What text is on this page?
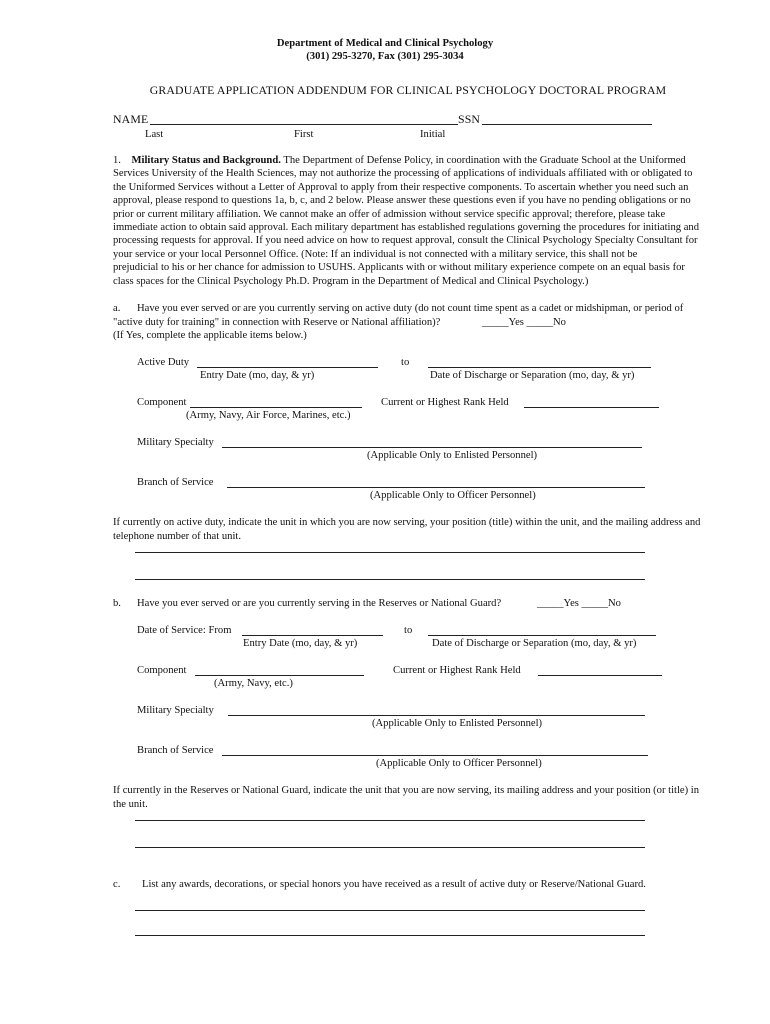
Department of Medical and Clinical Psychology
(301) 295-3270, Fax (301) 295-3034
GRADUATE APPLICATION ADDENDUM FOR CLINICAL PSYCHOLOGY DOCTORAL PROGRAM
NAME	SSN
Last	First	Initial
1. Military Status and Background. The Department of Defense Policy, in coordination with the Graduate School at the Uniformed
Services University of the Health Sciences, may not authorize the processing of applications of individuals affiliated with or obligated to
the Uniformed Services without a Letter of Approval to apply from their respective components. To ascertain whether you need such an
approval, please respond to questions 1a, b, c, and 2 below. Please answer these questions even if you have no pending obligations or no
prior or current military affiliation. We cannot make an offer of admission without service specific approval; therefore, please take
immediate action to obtain said approval. Each military department has established regulations governing the procedures for initiating and
processing requests for approval. If you need advice on how to request approval, consult the Clinical Psychology Specialty Consultant for
your service or your local Personnel Office. (Note: If an individual is not connected with a military service, this shall not be
prejudicial to his or her chance for admission to USUHS. Applicants with or without military experience compete on an equal basis for
class spaces for the Clinical Psychology Ph.D. Program in the Department of Medical and Clinical Psychology.)
a. Have you ever served or are you currently serving on active duty (do not count time spent as a cadet or midshipman, or period of
"active duty for training" in connection with Reserve or National affiliation)?	_____Yes _____No
(If Yes, complete the applicable items below.)
Active Duty	to
Entry Date (mo, day, & yr)	Date of Discharge or Separation (mo, day, & yr)
Component	Current or Highest Rank Held
(Army, Navy, Air Force, Marines, etc.)
Military Specialty
(Applicable Only to Enlisted Personnel)
Branch of Service
(Applicable Only to Officer Personnel)
If currently on active duty, indicate the unit in which you are now serving, your position (title) within the unit, and the mailing address and
telephone number of that unit.
b. Have you ever served or are you currently serving in the Reserves or National Guard?	_____Yes _____No
Date of Service: From	to
Entry Date (mo, day, & yr)	Date of Discharge or Separation (mo, day, & yr)
Component	Current or Highest Rank Held
(Army, Navy, etc.)
Military Specialty
(Applicable Only to Enlisted Personnel)
Branch of Service
(Applicable Only to Officer Personnel)
If currently in the Reserves or National Guard, indicate the unit that you are now serving, its mailing address and your position (or title) in
the unit.
c. List any awards, decorations, or special honors you have received as a result of active duty or Reserve/National Guard.
